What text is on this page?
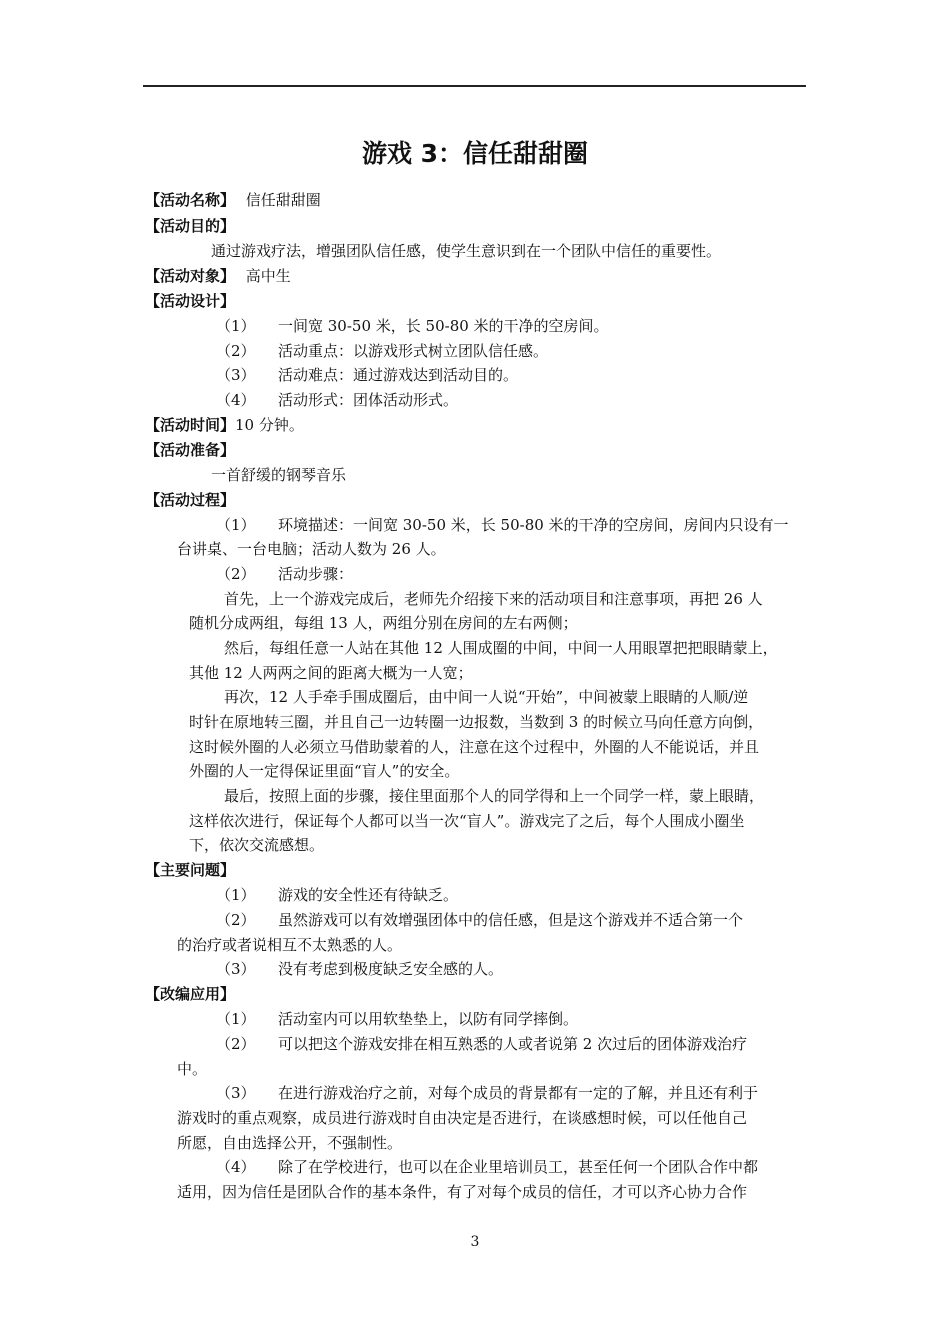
游戏 3：信任甜甜圈
【活动名称】 信任甜甜圈
【活动目的】
通过游戏疗法，增强团队信任感，使学生意识到在一个团队中信任的重要性。
【活动对象】 高中生
【活动设计】
（1） 一间宽 30-50 米，长 50-80 米的干净的空房间。
（2） 活动重点：以游戏形式树立团队信任感。
（3） 活动难点：通过游戏达到活动目的。
（4） 活动形式：团体活动形式。
【活动时间】10 分钟。
【活动准备】
一首舒缓的钢琴音乐
【活动过程】
（1） 环境描述：一间宽 30-50 米，长 50-80 米的干净的空房间，房间内只设有一
台讲桌、一台电脑；活动人数为 26 人。
（2） 活动步骤：
首先，上一个游戏完成后，老师先介绍接下来的活动项目和注意事项，再把 26 人
随机分成两组，每组 13 人，两组分别在房间的左右两侧；
然后，每组任意一人站在其他 12 人围成圈的中间，中间一人用眼罩把把眼睛蒙上，
其他 12 人两两之间的距离大概为一人宽；
再次，12 人手牵手围成圈后，由中间一人说“开始”，中间被蒙上眼睛的人顺/逆
时针在原地转三圈，并且自己一边转圈一边报数，当数到 3 的时候立马向任意方向倒，
这时候外圈的人必须立马借助蒙着的人，注意在这个过程中，外圈的人不能说话，并且
外圈的人一定得保证里面“盲人”的安全。
最后，按照上面的步骤，接住里面那个人的同学得和上一个同学一样，蒙上眼睛，
这样依次进行，保证每个人都可以当一次“盲人”。游戏完了之后，每个人围成小圈坐
下，依次交流感想。
【主要问题】
（1） 游戏的安全性还有待缺乏。
（2） 虽然游戏可以有效增强团体中的信任感，但是这个游戏并不适合第一个
的治疗或者说相互不太熟悉的人。
（3） 没有考虑到极度缺乏安全感的人。
【改编应用】
（1） 活动室内可以用软垫垫上，以防有同学摔倒。
（2） 可以把这个游戏安排在相互熟悉的人或者说第 2 次过后的团体游戏治疗
中。
（3） 在进行游戏治疗之前，对每个成员的背景都有一定的了解，并且还有利于
游戏时的重点观察，成员进行游戏时自由决定是否进行，在谈感想时候，可以任他自己
所愿，自由选择公开，不强制性。
（4） 除了在学校进行，也可以在企业里培训员工，甚至任何一个团队合作中都
适用，因为信任是团队合作的基本条件，有了对每个成员的信任，才可以齐心协力合作
3
